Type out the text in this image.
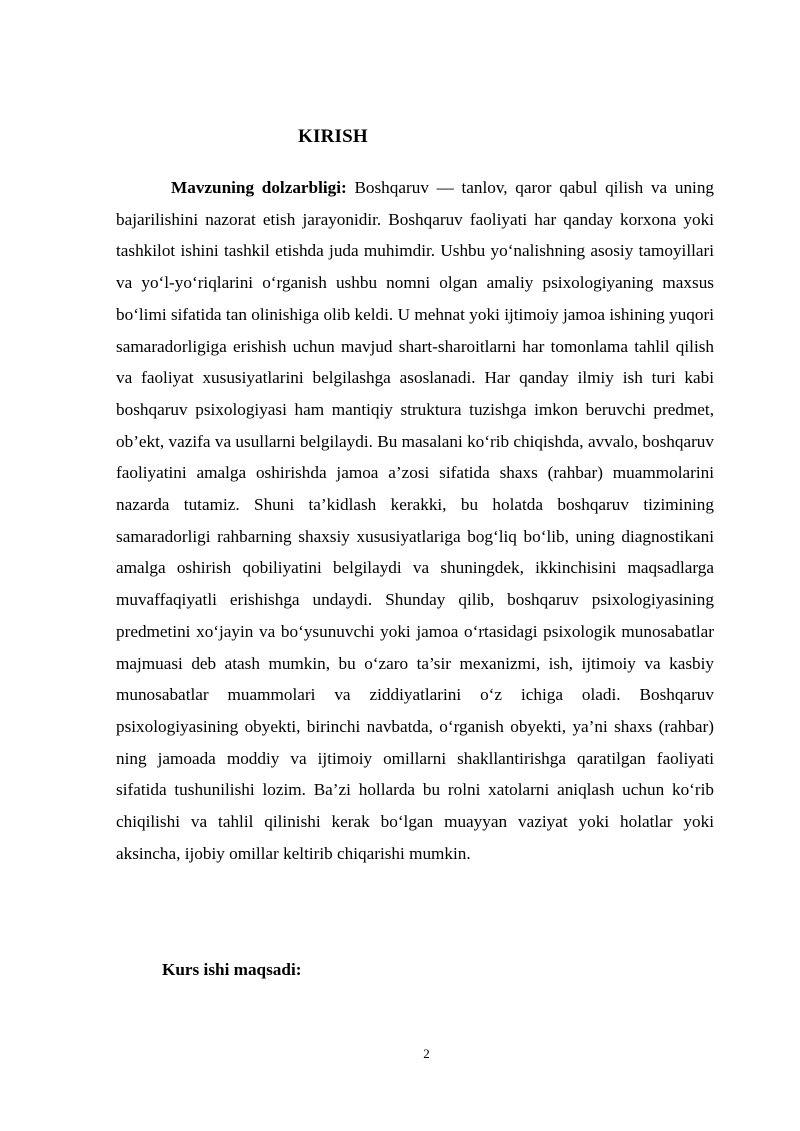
KIRISH

Mavzuning dolzarbligi: Boshqaruv — tanlov, qaror qabul qilish va uning bajarilishini nazorat etish jarayonidir. Boshqaruv faoliyati har qanday korxona yoki tashkilot ishini tashkil etishda juda muhimdir. Ushbu yo‘nalishning asosiy tamoyillari va yo‘l-yo‘riqlarini o‘rganish ushbu nomni olgan amaliy psixologiyaning maxsus bo‘limi sifatida tan olinishiga olib keldi. U mehnat yoki ijtimoiy jamoa ishining yuqori samaradorligiga erishish uchun mavjud shart-sharoitlarni har tomonlama tahlil qilish va faoliyat xususiyatlarini belgilashga asoslanadi. Har qanday ilmiy ish turi kabi boshqaruv psixologiyasi ham mantiqiy struktura tuzishga imkon beruvchi predmet, ob’ekt, vazifa va usullarni belgilaydi. Bu masalani ko‘rib chiqishda, avvalo, boshqaruv faoliyatini amalga oshirishda jamoa a’zosi sifatida shaxs (rahbar) muammolarini nazarda tutamiz. Shuni ta’kidlash kerakki, bu holatda boshqaruv tizimining samaradorligi rahbarning shaxsiy xususiyatlariga bog‘liq bo‘lib, uning diagnostikani amalga oshirish qobiliyatini belgilaydi va shuningdek, ikkinchisini maqsadlarga muvaffaqiyatli erishishga undaydi. Shunday qilib, boshqaruv psixologiyasining predmetini xo‘jayin va bo‘ysunuvchi yoki jamoa o‘rtasidagi psixologik munosabatlar majmuasi deb atash mumkin, bu o‘zaro ta’sir mexanizmi, ish, ijtimoiy va kasbiy munosabatlar muammolari va ziddiyatlarini o‘z ichiga oladi. Boshqaruv psixologiyasining obyekti, birinchi navbatda, o‘rganish obyekti, ya’ni shaxs (rahbar) ning jamoada moddiy va ijtimoiy omillarni shakllantirishga qaratilgan faoliyati sifatida tushunilishi lozim. Ba’zi hollarda bu rolni xatolarni aniqlash uchun ko‘rib chiqilishi va tahlil qilinishi kerak bo‘lgan muayyan vaziyat yoki holatlar yoki aksincha, ijobiy omillar keltirib chiqarishi mumkin.

Kurs ishi maqsadi:
2
